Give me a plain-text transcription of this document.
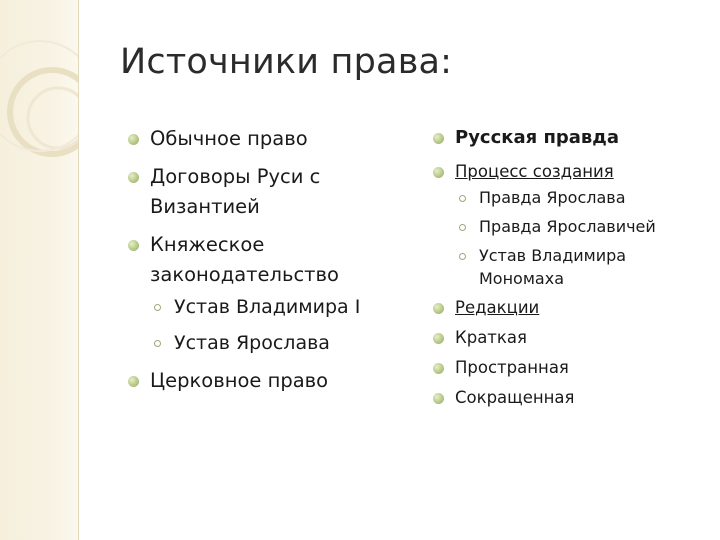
Источники права:
Обычное право
Договоры Руси с Византией
Княжеское законодательство
Устав Владимира I
Устав Ярослава
Церковное право
Русская правда
Процесс создания
Правда Ярослава
Правда Ярославичей
Устав Владимира Мономаха
Редакции
Краткая
Пространная
Сокращенная
